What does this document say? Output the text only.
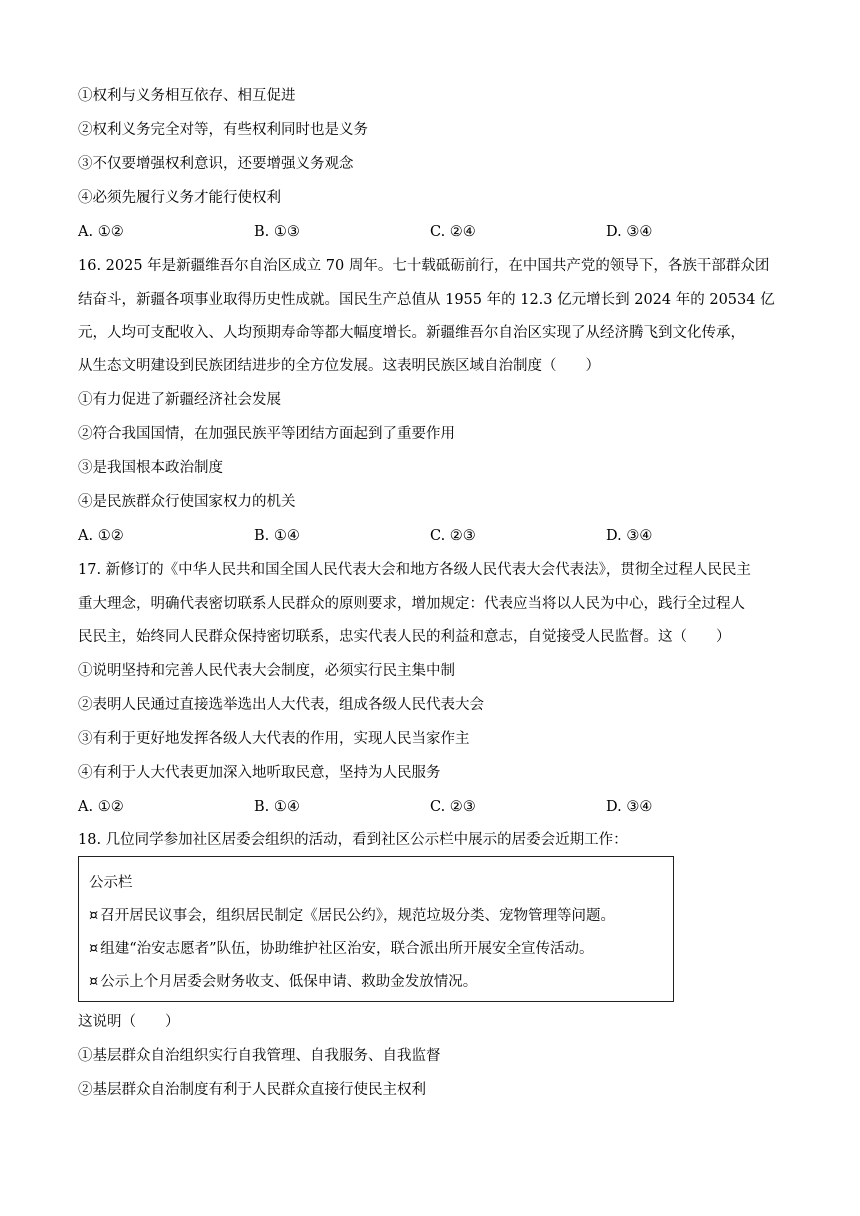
①权利与义务相互依存、相互促进
②权利义务完全对等，有些权利同时也是义务
③不仅要增强权利意识，还要增强义务观念
④必须先履行义务才能行使权利
A. ①②	B. ①③	C. ②④	D. ③④
16. 2025 年是新疆维吾尔自治区成立 70 周年。七十载砥砺前行，在中国共产党的领导下，各族干部群众团
结奋斗，新疆各项事业取得历史性成就。国民生产总值从 1955 年的 12.3 亿元增长到 2024 年的 20534 亿
元，人均可支配收入、人均预期寿命等都大幅度增长。新疆维吾尔自治区实现了从经济腾飞到文化传承，
从生态文明建设到民族团结进步的全方位发展。这表明民族区域自治制度（　　）
①有力促进了新疆经济社会发展
②符合我国国情，在加强民族平等团结方面起到了重要作用
③是我国根本政治制度
④是民族群众行使国家权力的机关
A. ①②	B. ①④	C. ②③	D. ③④
17. 新修订的《中华人民共和国全国人民代表大会和地方各级人民代表大会代表法》，贯彻全过程人民民主
重大理念，明确代表密切联系人民群众的原则要求，增加规定：代表应当将以人民为中心，践行全过程人
民民主，始终同人民群众保持密切联系，忠实代表人民的利益和意志，自觉接受人民监督。这（　　）
①说明坚持和完善人民代表大会制度，必须实行民主集中制
②表明人民通过直接选举选出人大代表，组成各级人民代表大会
③有利于更好地发挥各级人大代表的作用，实现人民当家作主
④有利于人大代表更加深入地听取民意，坚持为人民服务
A. ①②	B. ①④	C. ②③	D. ③④
18. 几位同学参加社区居委会组织的活动，看到社区公示栏中展示的居委会近期工作：
公示栏
¤ 召开居民议事会，组织居民制定《居民公约》，规范垃圾分类、宠物管理等问题。
¤ 组建“治安志愿者”队伍，协助维护社区治安，联合派出所开展安全宣传活动。
¤ 公示上个月居委会财务收支、低保申请、救助金发放情况。
这说明（　　）
①基层群众自治组织实行自我管理、自我服务、自我监督
②基层群众自治制度有利于人民群众直接行使民主权利
